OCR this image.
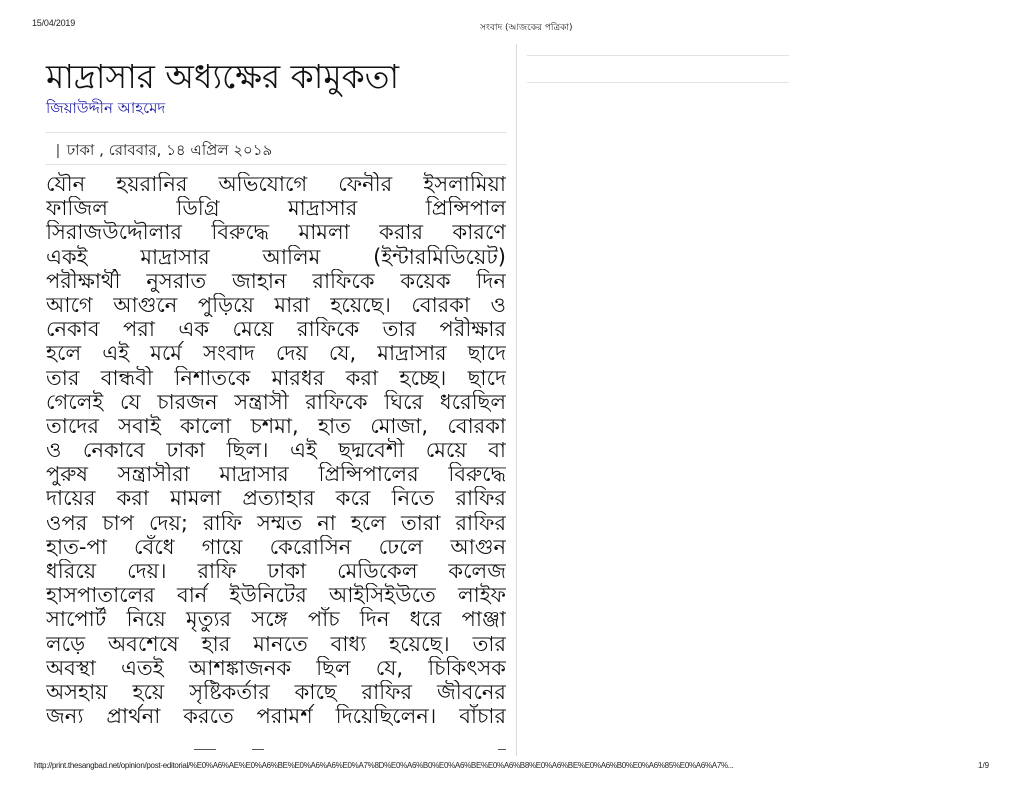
15/04/2019	সংবাদ (আজকের পত্রিকা)
মাদ্রাসার অধ্যক্ষের কামুকতা
জিয়াউদ্দীন আহমেদ
| ঢাকা , রোববার, ১৪ এপ্রিল ২০১৯
যৌন হয়রানির অভিযোগে ফেনীর ইসলামিয়া
ফাজিল ডিগ্রি মাদ্রাসার প্রিন্সিপাল
সিরাজউদ্দৌলার বিরুদ্ধে মামলা করার কারণে
একই মাদ্রাসার আলিম (ইন্টারমিডিয়েট)
পরীক্ষার্থী নুসরাত জাহান রাফিকে কয়েক দিন
আগে আগুনে পুড়িয়ে মারা হয়েছে। বোরকা ও
নেকাব পরা এক মেয়ে রাফিকে তার পরীক্ষার
হলে এই মর্মে সংবাদ দেয় যে, মাদ্রাসার ছাদে
তার বান্ধবী নিশাতকে মারধর করা হচ্ছে। ছাদে
গেলেই যে চারজন সন্ত্রাসী রাফিকে ঘিরে ধরেছিল
তাদের সবাই কালো চশমা, হাত মোজা, বোরকা
ও নেকাবে ঢাকা ছিল। এই ছদ্মবেশী মেয়ে বা
পুরুষ সন্ত্রাসীরা মাদ্রাসার প্রিন্সিপালের বিরুদ্ধে
দায়ের করা মামলা প্রত্যাহার করে নিতে রাফির
ওপর চাপ দেয়; রাফি সম্মত না হলে তারা রাফির
হাত-পা বেঁধে গায়ে কেরোসিন ঢেলে আগুন
ধরিয়ে দেয়। রাফি ঢাকা মেডিকেল কলেজ
হাসপাতালের বার্ন ইউনিটের আইসিইউতে লাইফ
সাপোর্ট নিয়ে মৃত্যুর সঙ্গে পাঁচ দিন ধরে পাঞ্জা
লড়ে অবশেষে হার মানতে বাধ্য হয়েছে। তার
অবস্থা এতই আশঙ্কাজনক ছিল যে, চিকিৎসক
অসহায় হয়ে সৃষ্টিকর্তার কাছে রাফির জীবনের
জন্য প্রার্থনা করতে পরামর্শ দিয়েছিলেন। বাঁচার
http://print.thesangbad.net/opinion/post-editorial/%E0%A6%AE%E0%A6%BE%E0%A6%A6%E0%A7%8D%E0%A6%B0%E0%A6%BE%E0%A6%B8%E0%A6%BE%E0%A6%B0%E0%A6%85%E0%A6%A7%...	1/9
